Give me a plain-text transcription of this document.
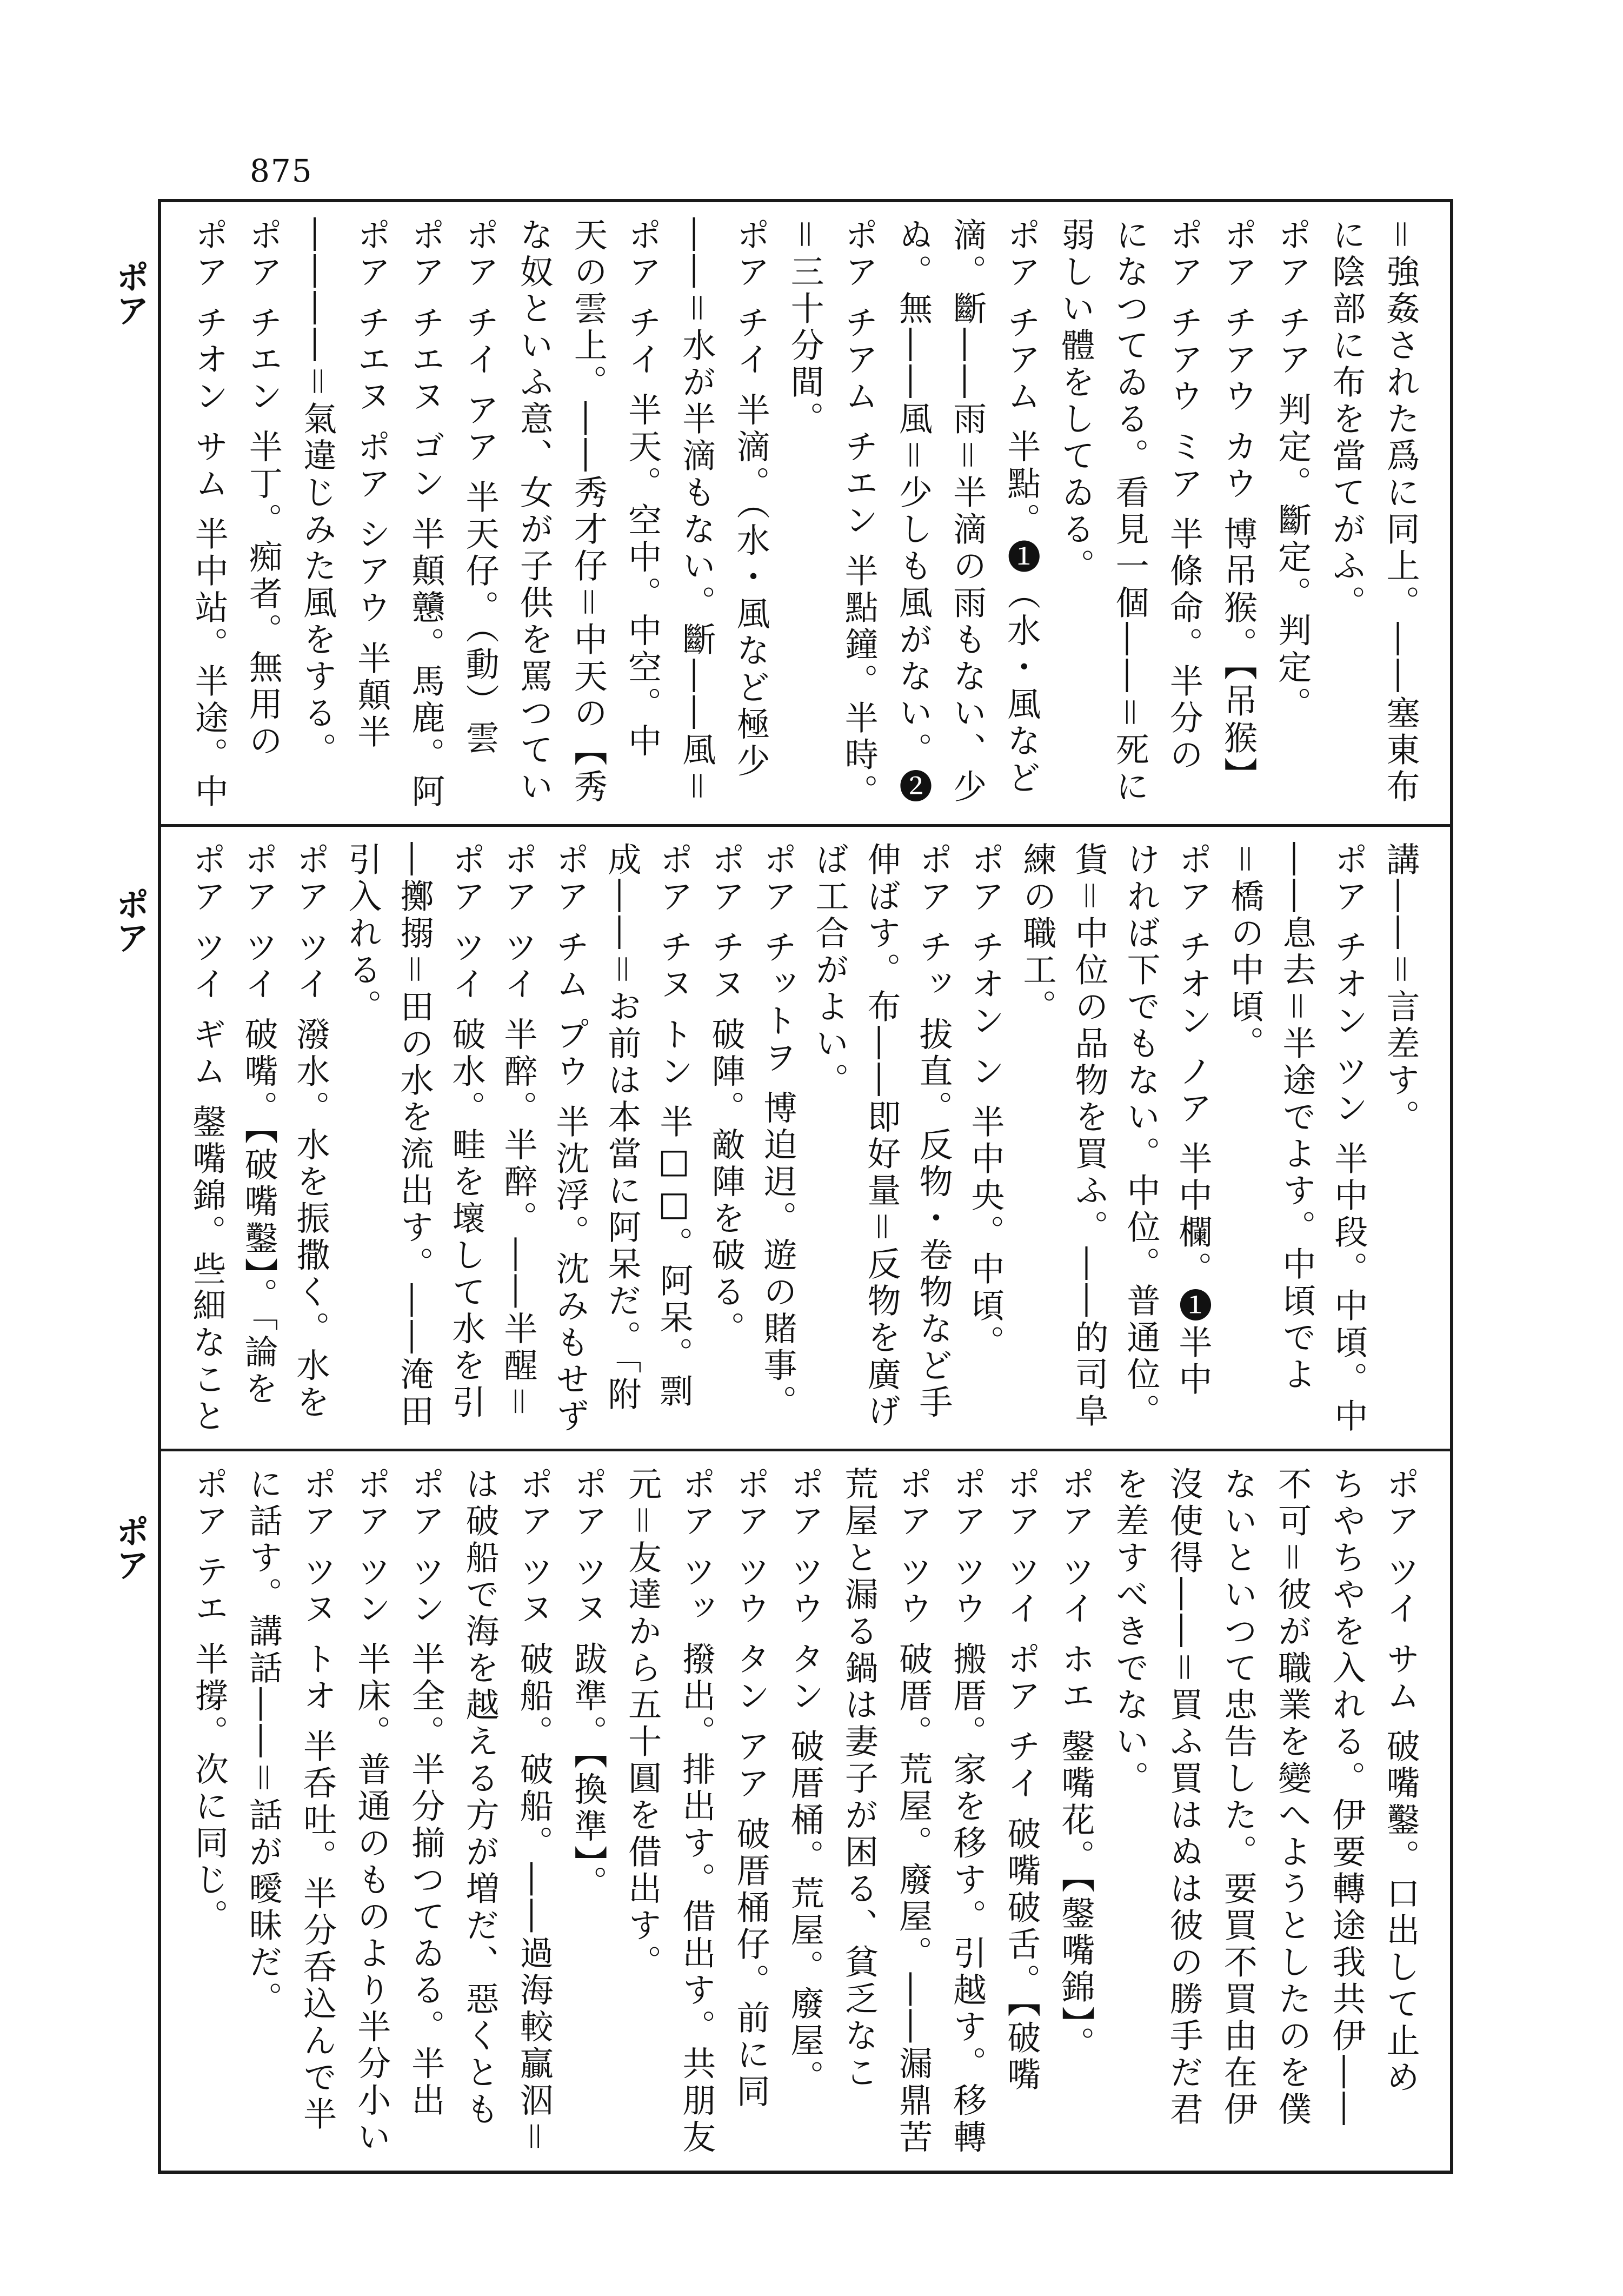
875
ポア
ポア
ポア
＝強姦された爲に同上。――塞東布
に陰部に布を當てがふ。
ポア チア 判定。斷定。判定。
ポア チアウ カウ 博吊猴。【吊猴】
ポア チアウ ミア 半條命。半分の
になつてゐる。看見一個――＝死に
弱しい體をしてゐる。
ポア チアム 半點。❶（水・風など
滴。斷――雨＝半滴の雨もない、少
ぬ。無――風＝少しも風がない。❷
ポア チアム チエン 半點鐘。半時。
＝三十分間。
ポア チイ 半滴。（水・風など極少
――＝水が半滴もない。斷――風＝
ポア チイ 半天。空中。中空。中
天の雲上。――秀才仔＝中天の【秀
な奴といふ意、女が子供を罵つてい
ポア チイ アア 半天仔。（動）雲
ポア チエヌ ゴン 半顛戇。馬鹿。阿
ポア チエヌ ポア シアウ 半顛半
――――＝氣違じみた風をする。
ポア チエン 半丁。痴者。無用の
ポア チオン サム 半中站。半途。中
講――＝言差す。
ポア チオン ツン 半中段。中頃。中
――息去＝半途でよす。中頃でよ
＝橋の中頃。
ポア チオン ノア 半中欄。❶半中
ければ下でもない。中位。普通位。
貨＝中位の品物を買ふ。――的司阜
練の職工。
ポア チオン ン 半中央。中頃。
ポア チッ 拔直。反物・卷物など手
伸ばす。布――即好量＝反物を廣げ
ば工合がよい。
ポア チットヲ 博迫迌。遊の賭事。
ポア チヌ 破陣。敵陣を破る。
ポア チヌ トン 半□□。阿呆。剽
成――＝お前は本當に阿呆だ。「附
ポア チム プウ 半沈浮。沈みもせず
ポア ツイ 半醉。半醉。――半醒＝
ポア ツイ 破水。畦を壞して水を引
―擲搦＝田の水を流出す。――淹田
引入れる。
ポア ツイ 潑水。水を振撒く。水を
ポア ツイ 破嘴。【破嘴鑿】。「論を
ポア ツイ ギム 鏧嘴錦。些細なこと
ポア ツイ サム 破嘴鑿。口出して止め
ちやちやを入れる。伊要轉途我共伊――
不可＝彼が職業を變へようとしたのを僕
ないといつて忠告した。要買不買由在伊
沒使得――＝買ふ買はぬは彼の勝手だ君
を差すべきでない。
ポア ツイ ホエ 鏧嘴花。【鏧嘴錦】。
ポア ツイ ポア チイ 破嘴破舌。【破嘴
ポア ツウ 搬厝。家を移す。引越す。移轉
ポア ツウ 破厝。荒屋。廢屋。――漏鼎苦
荒屋と漏る鍋は妻子が困る、貧乏なこ
ポア ツウ タン 破厝桶。荒屋。廢屋。
ポア ツウ タン アア 破厝桶仔。前に同
ポア ツッ 撥出。排出す。借出す。共朋友
元＝友達から五十圓を借出す。
ポア ツヌ 跋準。【換準】。
ポア ツヌ 破船。破船。――過海較贏泅＝
は破船で海を越える方が増だ、惡くとも
ポア ツン 半全。半分揃つてゐる。半出
ポア ツン 半床。普通のものより半分小い
ポア ツヌ トオ 半呑吐。半分呑込んで半
に話す。講話――＝話が曖昧だ。
ポア テエ 半撐。次に同じ。
